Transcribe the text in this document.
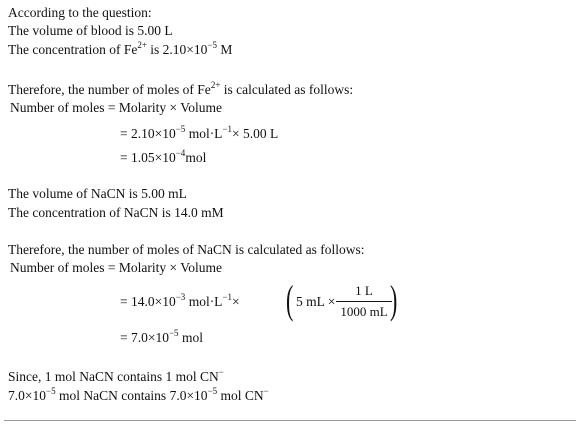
According to the question:
The volume of blood is 5.00 L
The concentration of $Fe^{2+}$ is $2.10\times 10^{-5}$ M
Therefore, the number of moles of $Fe^{2+}$ is calculated as follows:
Number of moles = Molarity × Volume
= $2.10\times 10^{-5}$ $mol\cdot L^{-1}\times 5.00$ L
= $1.05\times 10^{-4}mol$
The volume of NaCN is 5.00 mL
The concentration of NaCN is 14.0 mM
Therefore, the number of moles of NaCN is calculated as follows:
Number of moles = Molarity × Volume
= $14.0\times 10^{-3}$ $mol\cdot L^{-1}\times$ ( 5 mL ×
1 L
1000 mL )
= $7.0\times 10^{-5}$ mol
Since, 1 mol NaCN contains 1 mol CN−
$7.0\times 10^{-5}$ mol NaCN contains $7.0\times 10^{-5}$ mol CN−
